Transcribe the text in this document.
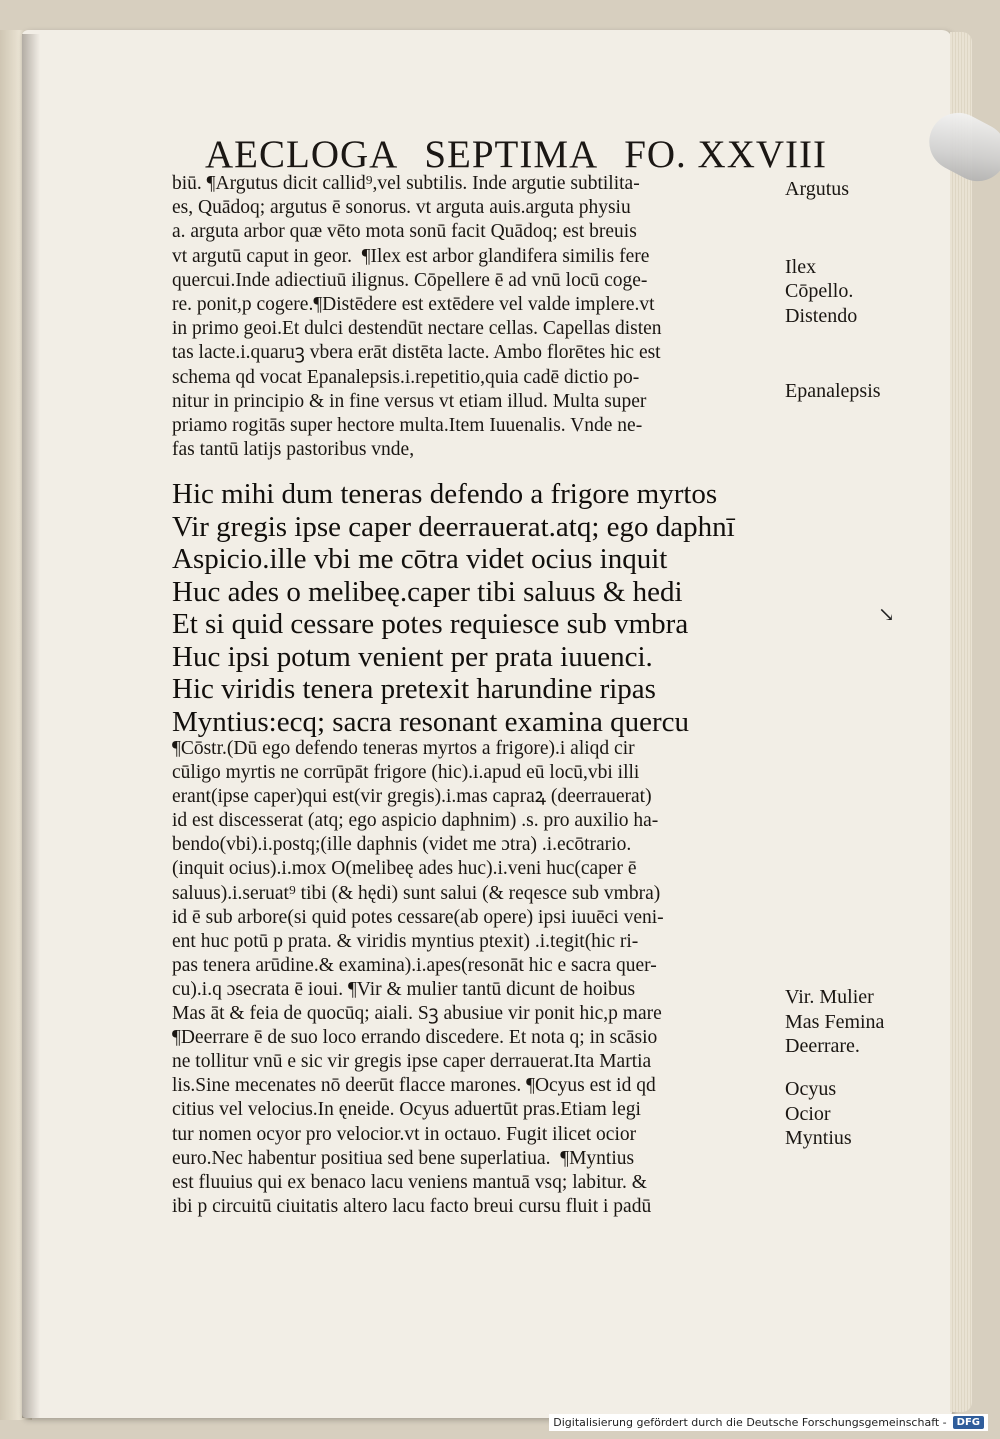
AECLOGA SEPTIMA FO. XXVIII
biū. ¶Argutus dicit callid⁹,vel subtilis. Inde argutie subtilita-
es, Quādoq; argutus ē sonorus. vt arguta auis.arguta physiu
a. arguta arbor quæ vēto mota sonū facit Quādoq; est breuis
vt argutū caput in geor.  ¶Ilex est arbor glandifera similis fere
quercui.Inde adiectiuū ilignus. Cōpellere ē ad vnū locū coge-
re. ponit,p cogere.¶Distēdere est extēdere vel valde implere.vt
in primo geoi.Et dulci destendūt nectare cellas. Capellas disten
tas lacte.i.quaruꝫ vbera erāt distēta lacte. Ambo florētes hic est
schema qd vocat Epanalepsis.i.repetitio,quia cadē dictio po-
nitur in principio & in fine versus vt etiam illud. Multa super
priamo rogitās super hectore multa.Item Iuuenalis. Vnde ne-
fas tantū latijs pastoribus vnde,
Hic mihi dum teneras defendo a frigore myrtos
Vir gregis ipse caper deerrauerat.atq; ego daphnī
Aspicio.ille vbi me cōtra videt ocius inquit
Huc ades o melibeę.caper tibi saluus & hedi
Et si quid cessare potes requiesce sub vmbra
Huc ipsi potum venient per prata iuuenci.
Hic viridis tenera pretexit harundine ripas
Myntius:ecq; sacra resonant examina quercu
¶Cōstr.(Dū ego defendo teneras myrtos a frigore).i aliqd cir
cūligo myrtis ne corrūpāt frigore (hic).i.apud eū locū,vbi illi
erant(ipse caper)qui est(vir gregis).i.mas capraꝝ (deerrauerat)
id est discesserat (atq; ego aspicio daphnim) .s. pro auxilio ha-
bendo(vbi).i.postq;(ille daphnis (videt me ɔtra) .i.ecōtrario.
(inquit ocius).i.mox O(melibeę ades huc).i.veni huc(caper ē
saluus).i.seruat⁹ tibi (& hędi) sunt salui (& reqesce sub vmbra)
id ē sub arbore(si quid potes cessare(ab opere) ipsi iuuēci veni-
ent huc potū p prata. & viridis myntius ptexit) .i.tegit(hic ri-
pas tenera arūdine.& examina).i.apes(resonāt hic e sacra quer-
cu).i.q ɔsecrata ē ioui. ¶Vir & mulier tantū dicunt de hoibus
Mas āt & feia de quocūq; aiali. Sꝫ abusiue vir ponit hic,p mare
¶Deerrare ē de suo loco errando discedere. Et nota q; in scāsio
ne tollitur vnū e sic vir gregis ipse caper derrauerat.Ita Martia
lis.Sine mecenates nō deerūt flacce marones. ¶Ocyus est id qd
citius vel velocius.In ęneide. Ocyus aduertūt pras.Etiam legi
tur nomen ocyor pro velocior.vt in octauo. Fugit ilicet ocior
euro.Nec habentur positiua sed bene superlatiua.  ¶Myntius
est fluuius qui ex benaco lacu veniens mantuā vsq; labitur. &
ibi p circuitū ciuitatis altero lacu facto breui cursu fluit i padū
Argutus
Ilex
Cōpello.
Distendo
Epanalepsis
Vir. Mulier
Mas Femina
Deerrare.
Ocyus
Ocior
Myntius
↘
Digitalisierung gefördert durch die Deutsche Forschungsgemeinschaft -	DFG
